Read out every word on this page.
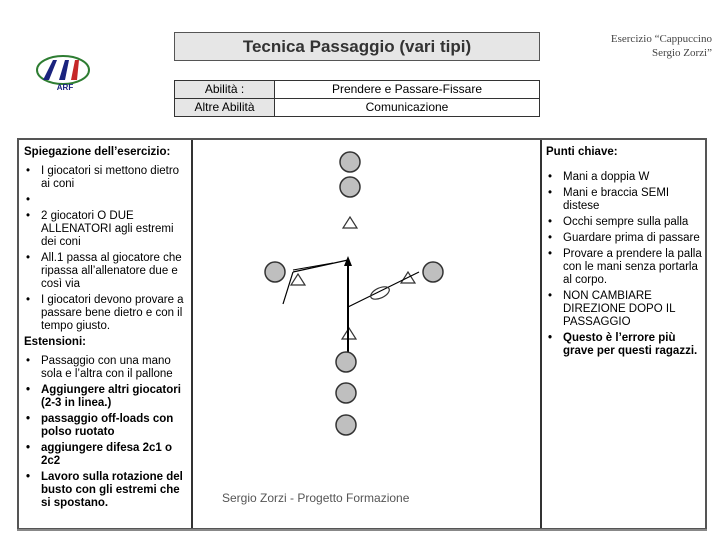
ARF
Tecnica Passaggio (vari tipi)	Esercizio “Cappuccino
Sergio Zorzi”
Abilità :	Prendere e Passare-Fissare
Altre Abilità	Comunicazione
Spiegazione dell’esercizio:
• I giocatori si mettono dietro ai coni
•
• 2 giocatori O DUE ALLENATORI agli estremi dei coni
• All.1 passa al giocatore che ripassa all’allenatore due e così via
• I giocatori devono provare a passare bene dietro e con il tempo giusto.
Estensioni:
• Passaggio con una mano sola e l’altra con il pallone
• Aggiungere altri giocatori (2-3 in linea.)
• passaggio off-loads con polso ruotato
• aggiungere difesa 2c1 o 2c2
• Lavoro sulla rotazione del busto con gli estremi che si spostano.
Punti chiave:
• Mani a doppia W
• Mani e braccia SEMI distese
• Occhi sempre sulla palla
• Guardare prima di passare
• Provare a prendere la palla con le mani senza portarla al corpo.
• NON CAMBIARE DIREZIONE DOPO IL PASSAGGIO
• Questo è l’errore più grave per questi ragazzi.
Sergio Zorzi - Progetto Formazione
